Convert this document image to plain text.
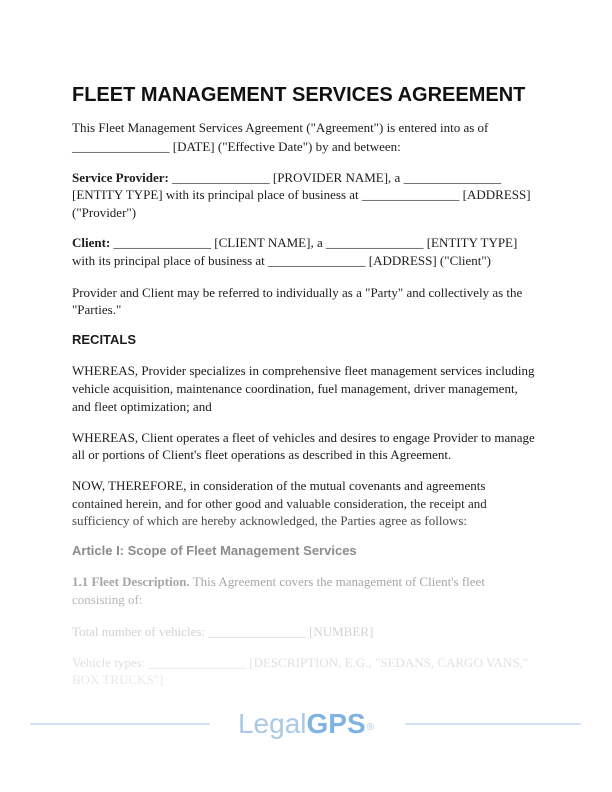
FLEET MANAGEMENT SERVICES AGREEMENT
This Fleet Management Services Agreement ("Agreement") is entered into as of
_______________ [DATE] ("Effective Date") by and between:
Service Provider: _______________ [PROVIDER NAME], a _______________
[ENTITY TYPE] with its principal place of business at _______________ [ADDRESS]
("Provider")
Client: _______________ [CLIENT NAME], a _______________ [ENTITY TYPE]
with its principal place of business at _______________ [ADDRESS] ("Client")
Provider and Client may be referred to individually as a "Party" and collectively as the
"Parties."
RECITALS
WHEREAS, Provider specializes in comprehensive fleet management services including
vehicle acquisition, maintenance coordination, fuel management, driver management,
and fleet optimization; and
WHEREAS, Client operates a fleet of vehicles and desires to engage Provider to manage
all or portions of Client's fleet operations as described in this Agreement.
NOW, THEREFORE, in consideration of the mutual covenants and agreements
contained herein, and for other good and valuable consideration, the receipt and
sufficiency of which are hereby acknowledged, the Parties agree as follows:
Article I: Scope of Fleet Management Services
1.1 Fleet Description. This Agreement covers the management of Client's fleet
consisting of:
Total number of vehicles: _______________ [NUMBER]
Vehicle types: _______________ [DESCRIPTION, E.G., "SEDANS, CARGO VANS,"
BOX TRUCKS"]
LegalGPS®
